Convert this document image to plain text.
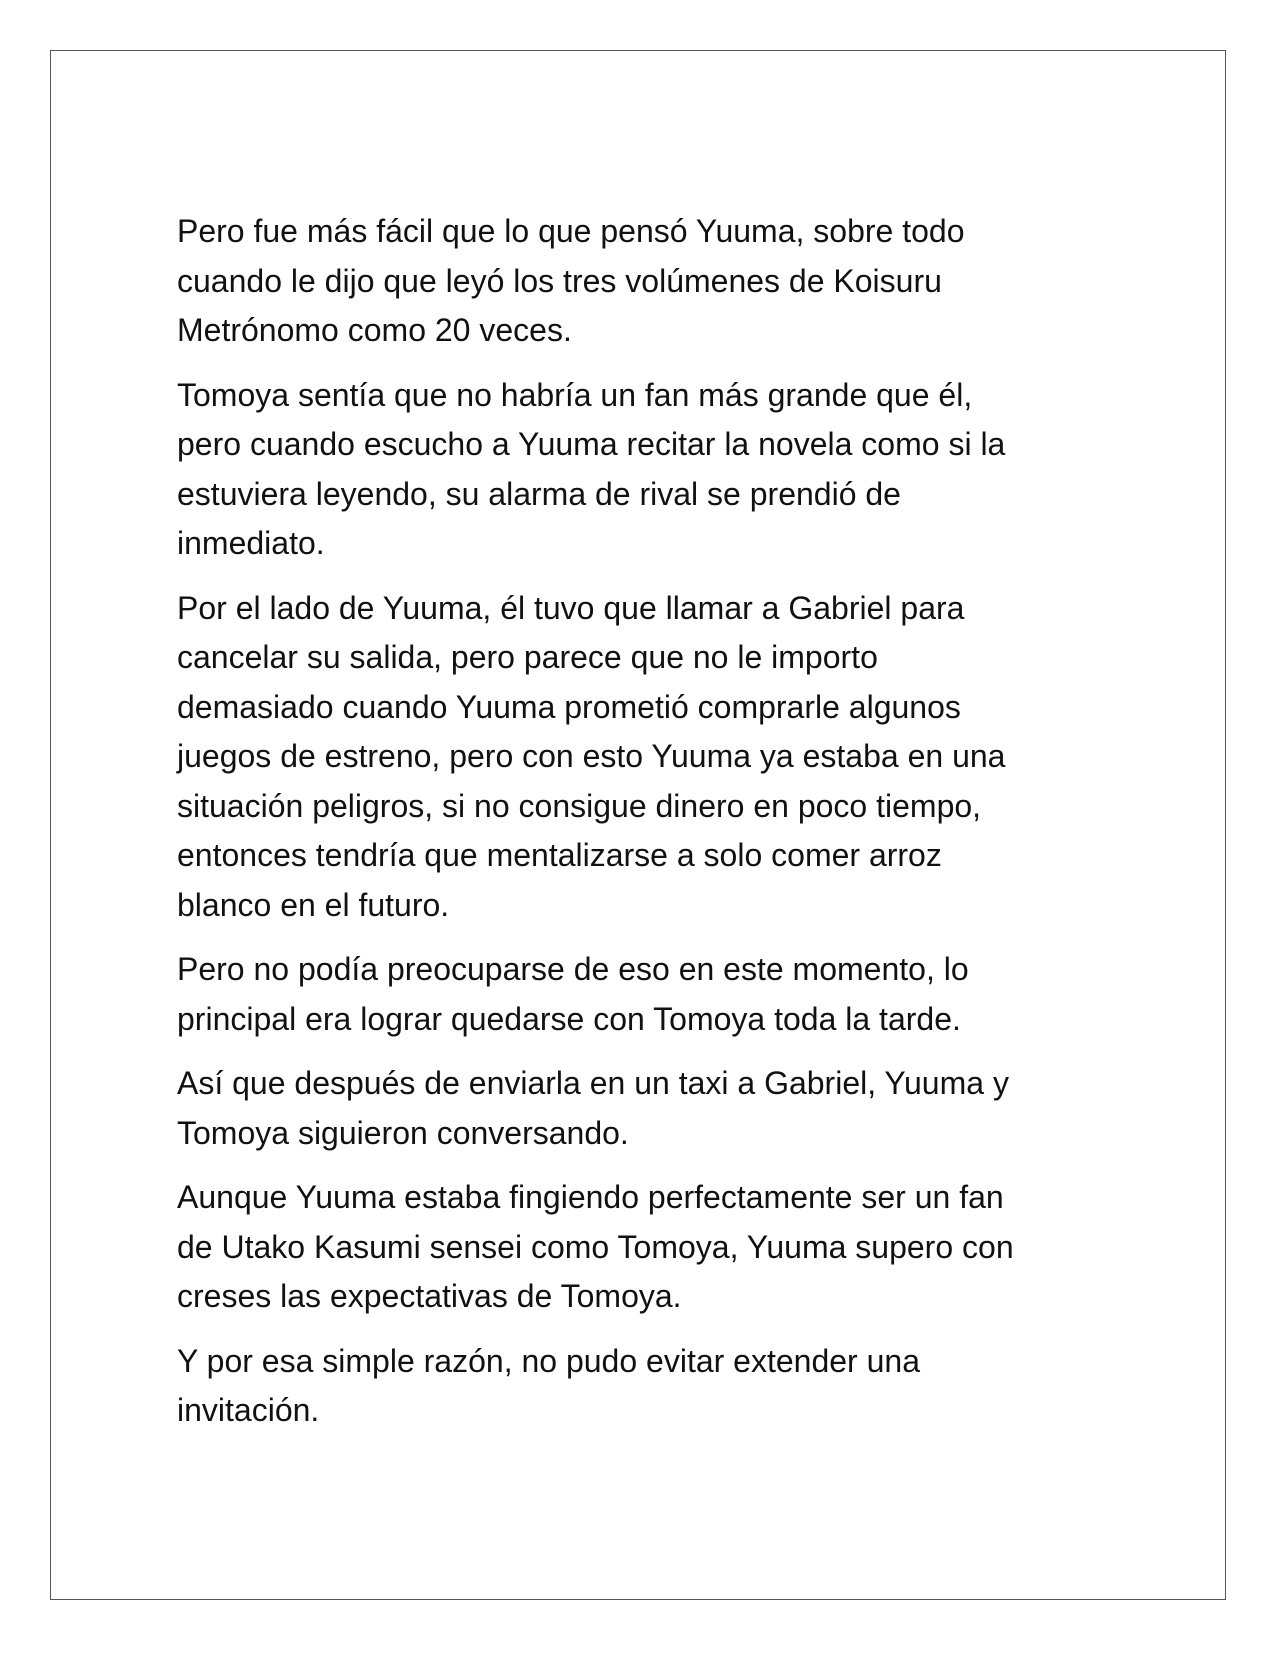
Pero fue más fácil que lo que pensó Yuuma, sobre todo
cuando le dijo que leyó los tres volúmenes de Koisuru
Metrónomo como 20 veces.

Tomoya sentía que no habría un fan más grande que él,
pero cuando escucho a Yuuma recitar la novela como si la
estuviera leyendo, su alarma de rival se prendió de
inmediato.

Por el lado de Yuuma, él tuvo que llamar a Gabriel para
cancelar su salida, pero parece que no le importo
demasiado cuando Yuuma prometió comprarle algunos
juegos de estreno, pero con esto Yuuma ya estaba en una
situación peligros, si no consigue dinero en poco tiempo,
entonces tendría que mentalizarse a solo comer arroz
blanco en el futuro.

Pero no podía preocuparse de eso en este momento, lo
principal era lograr quedarse con Tomoya toda la tarde.

Así que después de enviarla en un taxi a Gabriel, Yuuma y
Tomoya siguieron conversando.

Aunque Yuuma estaba fingiendo perfectamente ser un fan
de Utako Kasumi sensei como Tomoya, Yuuma supero con
creses las expectativas de Tomoya.

Y por esa simple razón, no pudo evitar extender una
invitación.
